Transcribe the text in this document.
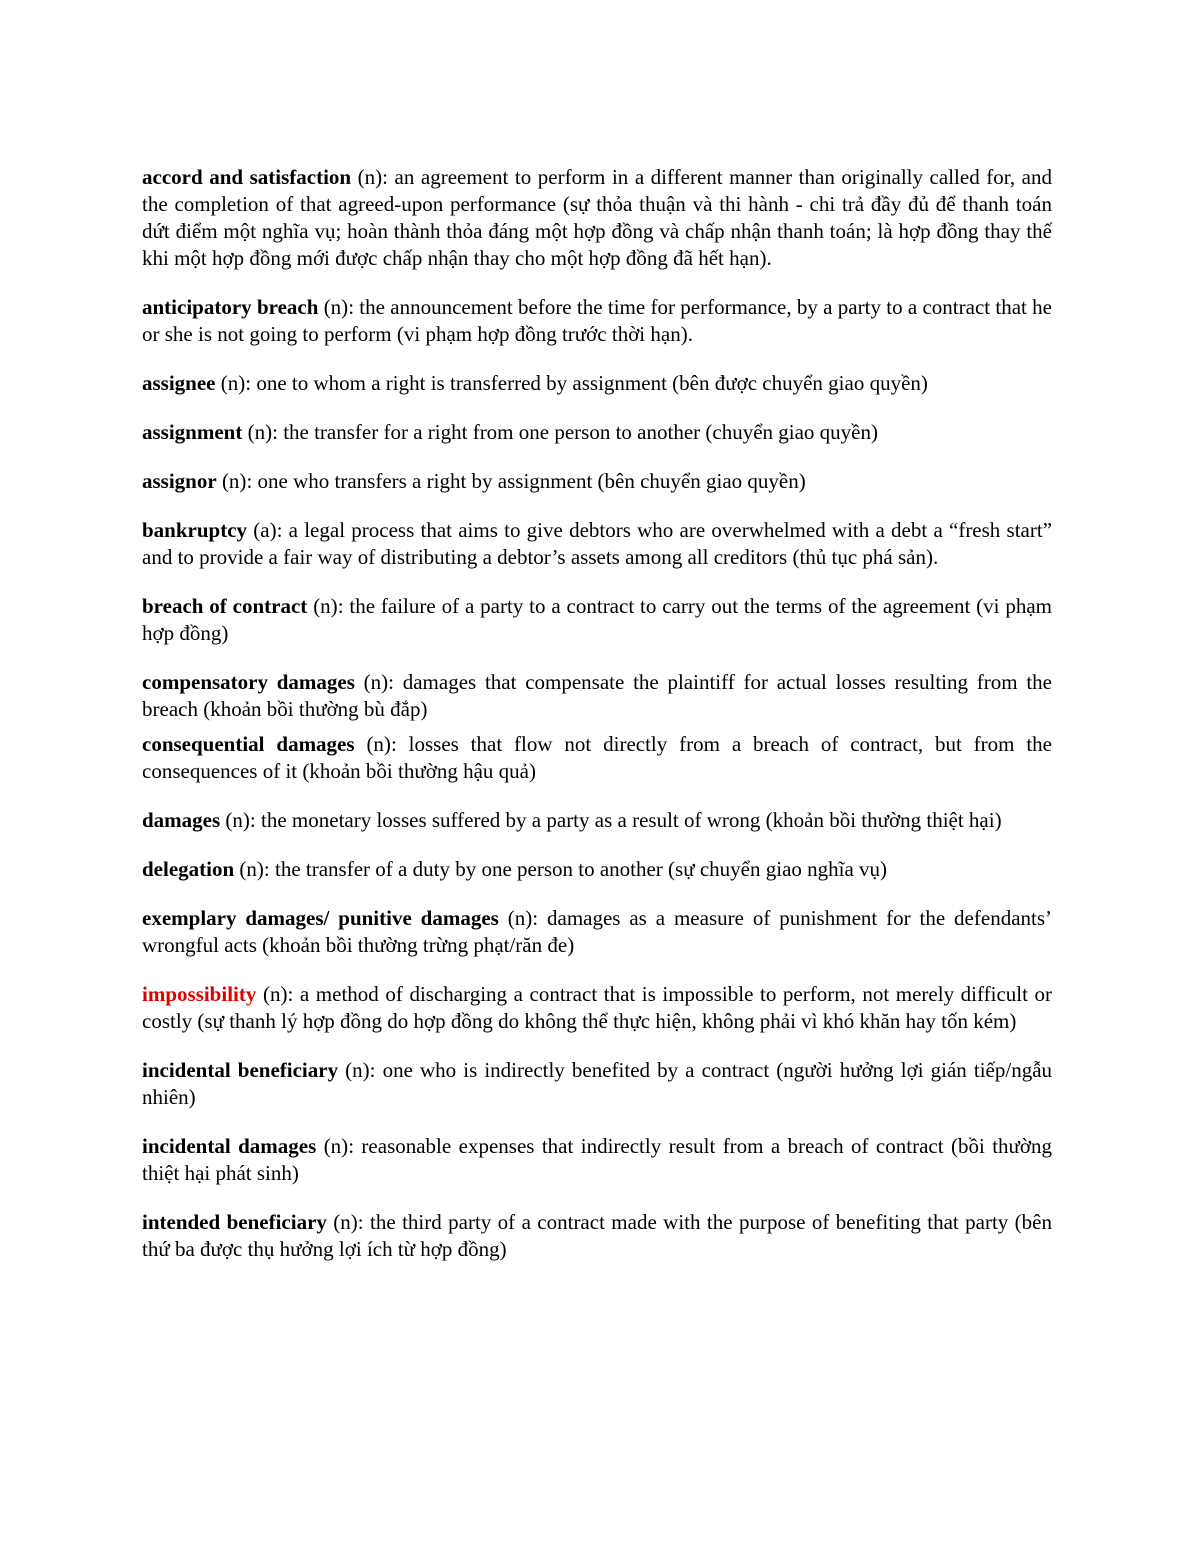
accord and satisfaction (n): an agreement to perform in a different manner than originally called for, and the completion of that agreed-upon performance (sự thỏa thuận và thi hành - chi trả đầy đủ để thanh toán dứt điểm một nghĩa vụ; hoàn thành thỏa đáng một hợp đồng và chấp nhận thanh toán; là hợp đồng thay thế khi một hợp đồng mới được chấp nhận thay cho một hợp đồng đã hết hạn).

anticipatory breach (n): the announcement before the time for performance, by a party to a contract that he or she is not going to perform (vi phạm hợp đồng trước thời hạn).

assignee (n): one to whom a right is transferred by assignment (bên được chuyển giao quyền)

assignment (n): the transfer for a right from one person to another (chuyển giao quyền)

assignor (n): one who transfers a right by assignment (bên chuyển giao quyền)

bankruptcy (a): a legal process that aims to give debtors who are overwhelmed with a debt a “fresh start” and to provide a fair way of distributing a debtor’s assets among all creditors (thủ tục phá sản).

breach of contract (n): the failure of a party to a contract to carry out the terms of the agreement (vi phạm hợp đồng)

compensatory damages (n): damages that compensate the plaintiff for actual losses resulting from the breach (khoản bồi thường bù đắp)

consequential damages (n): losses that flow not directly from a breach of contract, but from the consequences of it (khoản bồi thường hậu quả)

damages (n): the monetary losses suffered by a party as a result of wrong (khoản bồi thường thiệt hại)

delegation (n): the transfer of a duty by one person to another (sự chuyển giao nghĩa vụ)

exemplary damages/ punitive damages (n): damages as a measure of punishment for the defendants’ wrongful acts (khoản bồi thường trừng phạt/răn đe)

impossibility (n): a method of discharging a contract that is impossible to perform, not merely difficult or costly (sự thanh lý hợp đồng do hợp đồng do không thể thực hiện, không phải vì khó khăn hay tốn kém)

incidental beneficiary (n): one who is indirectly benefited by a contract (người hưởng lợi gián tiếp/ngẫu nhiên)

incidental damages (n): reasonable expenses that indirectly result from a breach of contract (bồi thường thiệt hại phát sinh)

intended beneficiary (n): the third party of a contract made with the purpose of benefiting that party (bên thứ ba được thụ hưởng lợi ích từ hợp đồng)
